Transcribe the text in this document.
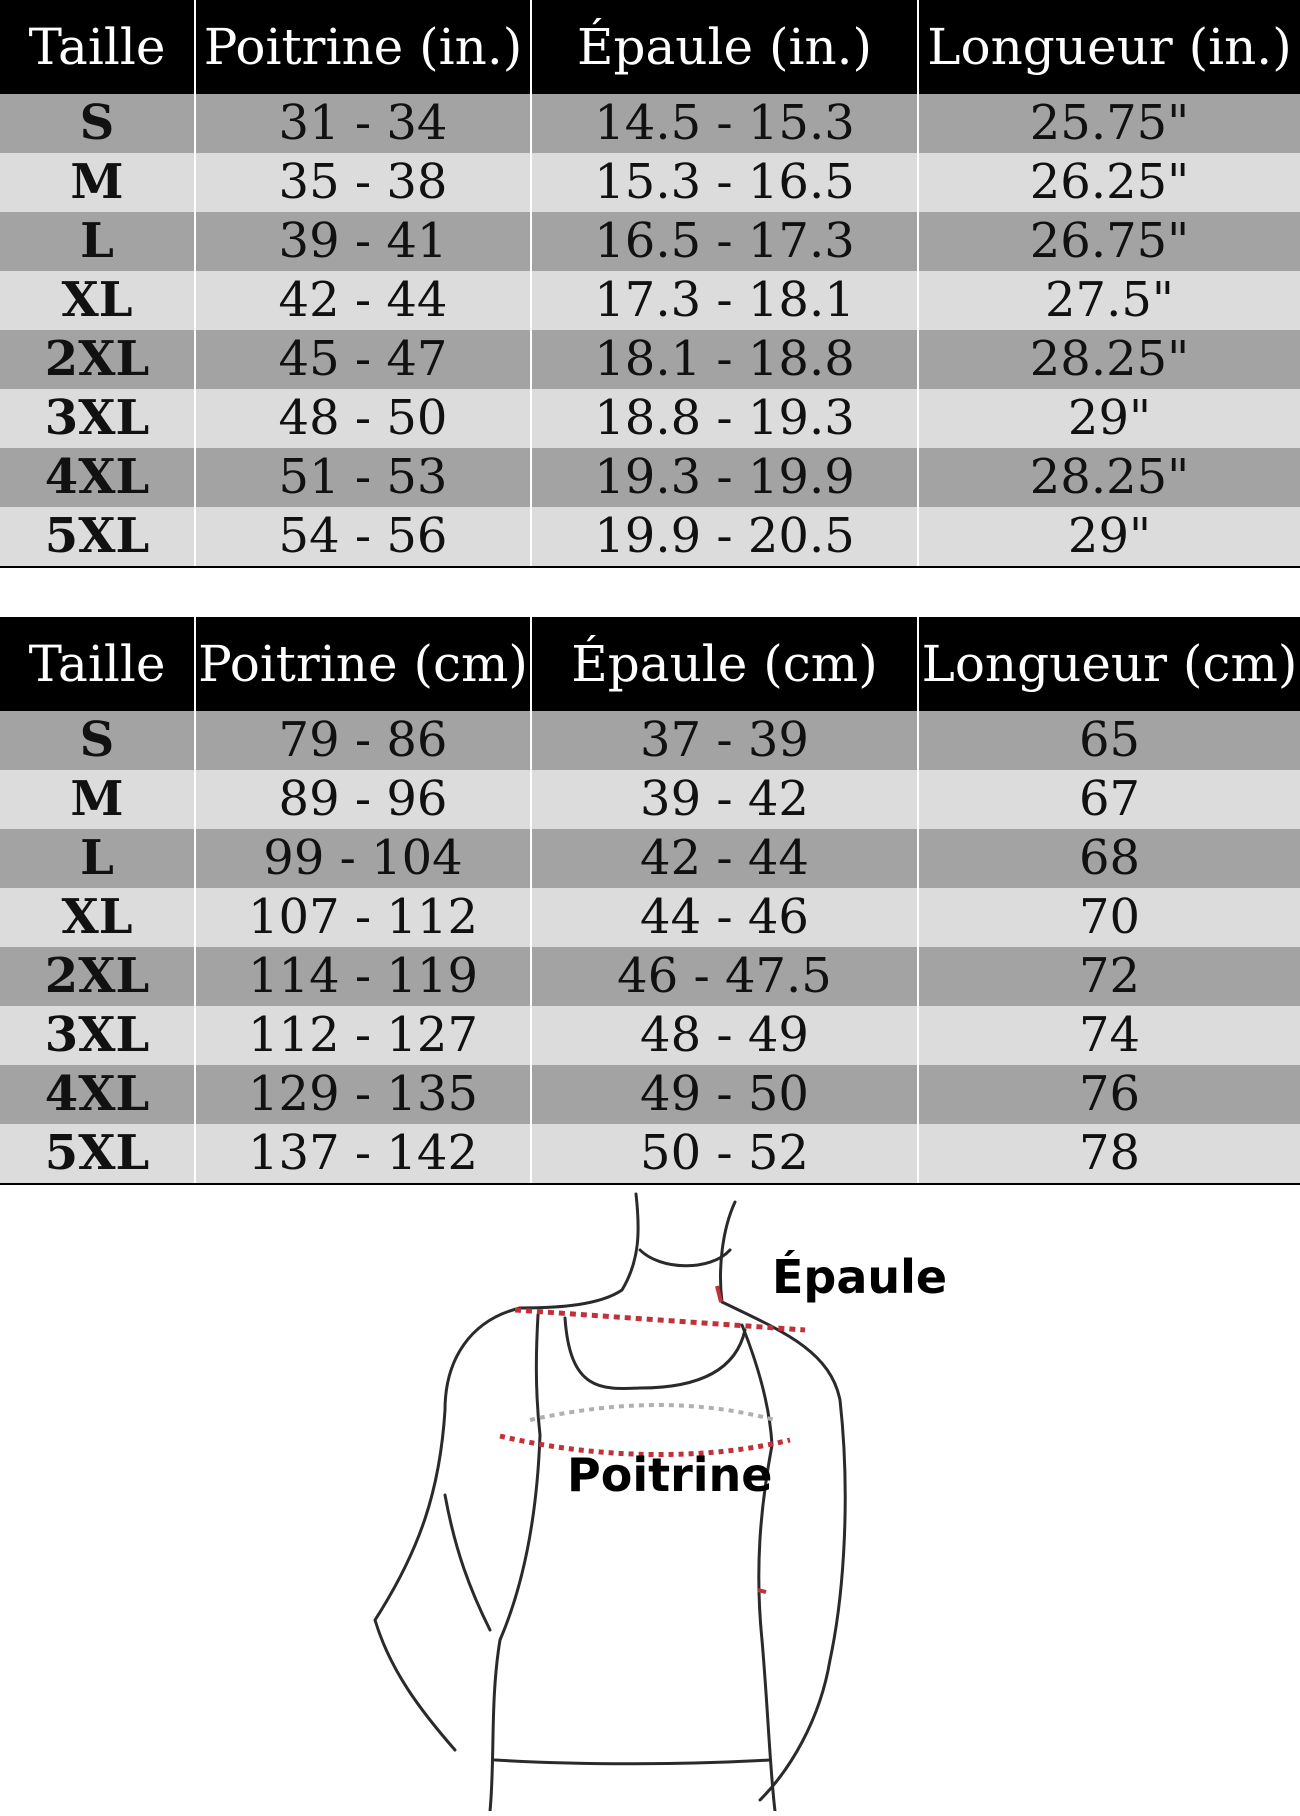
Taille	Poitrine (in.)	Épaule (in.)	Longueur (in.)
S	31 - 34	14.5 - 15.3	25.75"
M	35 - 38	15.3 - 16.5	26.25"
L	39 - 41	16.5 - 17.3	26.75"
XL	42 - 44	17.3 - 18.1	27.5"
2XL	45 - 47	18.1 - 18.8	28.25"
3XL	48 - 50	18.8 - 19.3	29"
4XL	51 - 53	19.3 - 19.9	28.25"
5XL	54 - 56	19.9 - 20.5	29"
Taille	Poitrine (cm)	Épaule (cm)	Longueur (cm)
S	79 - 86	37 - 39	65
M	89 - 96	39 - 42	67
L	99 - 104	42 - 44	68
XL	107 - 112	44 - 46	70
2XL	114 - 119	46 - 47.5	72
3XL	112 - 127	48 - 49	74
4XL	129 - 135	49 - 50	76
5XL	137 - 142	50 - 52	78
Épaule
Poitrine
